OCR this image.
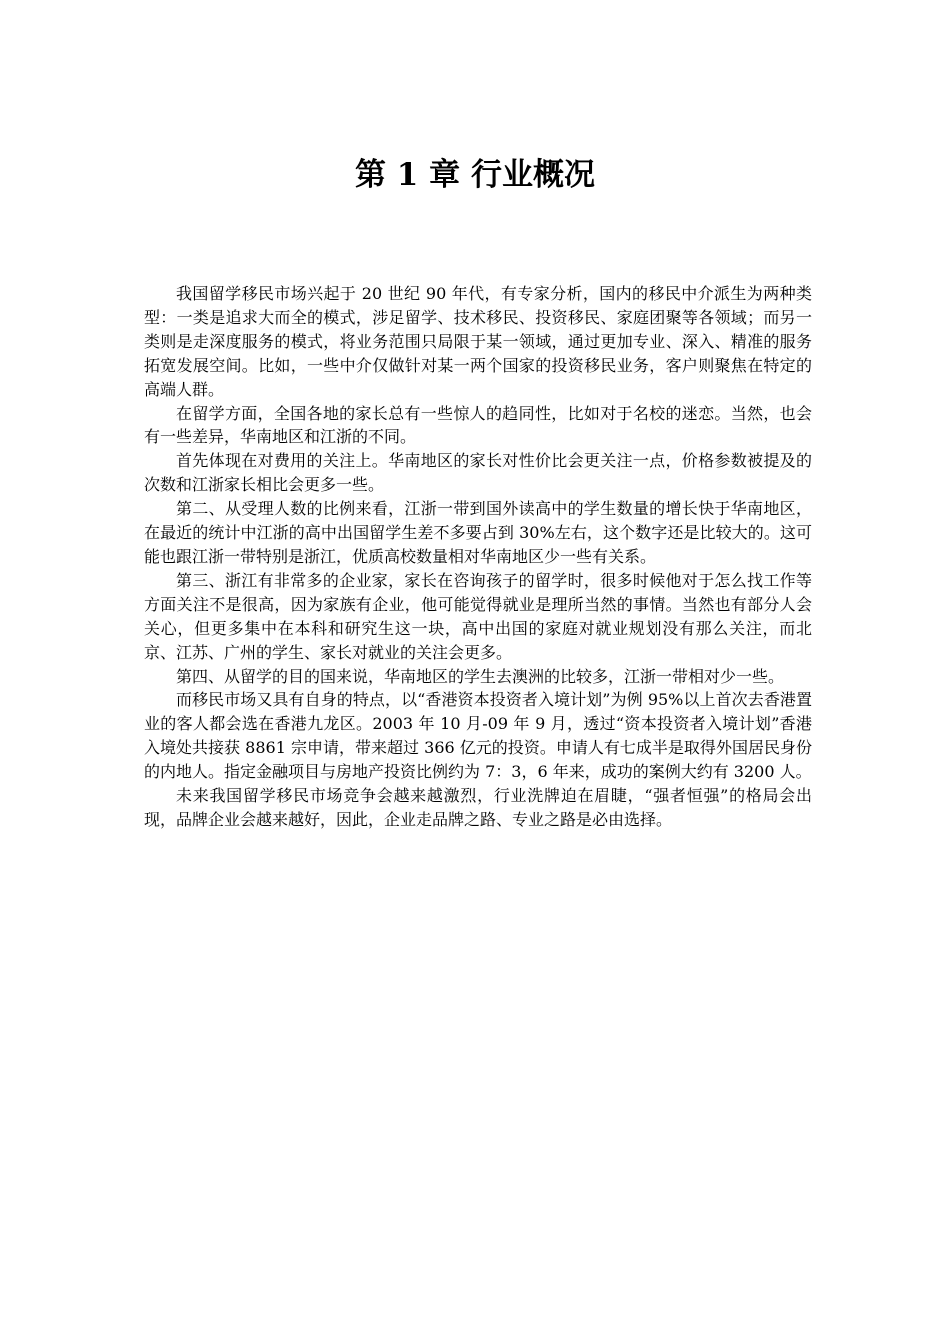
第 1 章 行业概况

我国留学移民市场兴起于 20 世纪 90 年代，有专家分析，国内的移民中介派生为两种类型：一类是追求大而全的模式，涉足留学、技术移民、投资移民、家庭团聚等各领域；而另一类则是走深度服务的模式，将业务范围只局限于某一领域，通过更加专业、深入、精准的服务拓宽发展空间。比如，一些中介仅做针对某一两个国家的投资移民业务，客户则聚焦在特定的高端人群。

在留学方面，全国各地的家长总有一些惊人的趋同性，比如对于名校的迷恋。当然，也会有一些差异，华南地区和江浙的不同。

首先体现在对费用的关注上。华南地区的家长对性价比会更关注一点，价格参数被提及的次数和江浙家长相比会更多一些。

第二、从受理人数的比例来看，江浙一带到国外读高中的学生数量的增长快于华南地区，在最近的统计中江浙的高中出国留学生差不多要占到 30%左右，这个数字还是比较大的。这可能也跟江浙一带特别是浙江，优质高校数量相对华南地区少一些有关系。

第三、浙江有非常多的企业家，家长在咨询孩子的留学时，很多时候他对于怎么找工作等方面关注不是很高，因为家族有企业，他可能觉得就业是理所当然的事情。当然也有部分人会关心，但更多集中在本科和研究生这一块，高中出国的家庭对就业规划没有那么关注，而北京、江苏、广州的学生、家长对就业的关注会更多。

第四、从留学的目的国来说，华南地区的学生去澳洲的比较多，江浙一带相对少一些。

而移民市场又具有自身的特点，以“香港资本投资者入境计划”为例 95%以上首次去香港置业的客人都会选在香港九龙区。2003 年 10 月-09 年 9 月，透过“资本投资者入境计划”香港入境处共接获 8861 宗申请，带来超过 366 亿元的投资。申请人有七成半是取得外国居民身份的内地人。指定金融项目与房地产投资比例约为 7：3，6 年来，成功的案例大约有 3200 人。

未来我国留学移民市场竞争会越来越激烈，行业洗牌迫在眉睫，“强者恒强”的格局会出现，品牌企业会越来越好，因此，企业走品牌之路、专业之路是必由选择。
